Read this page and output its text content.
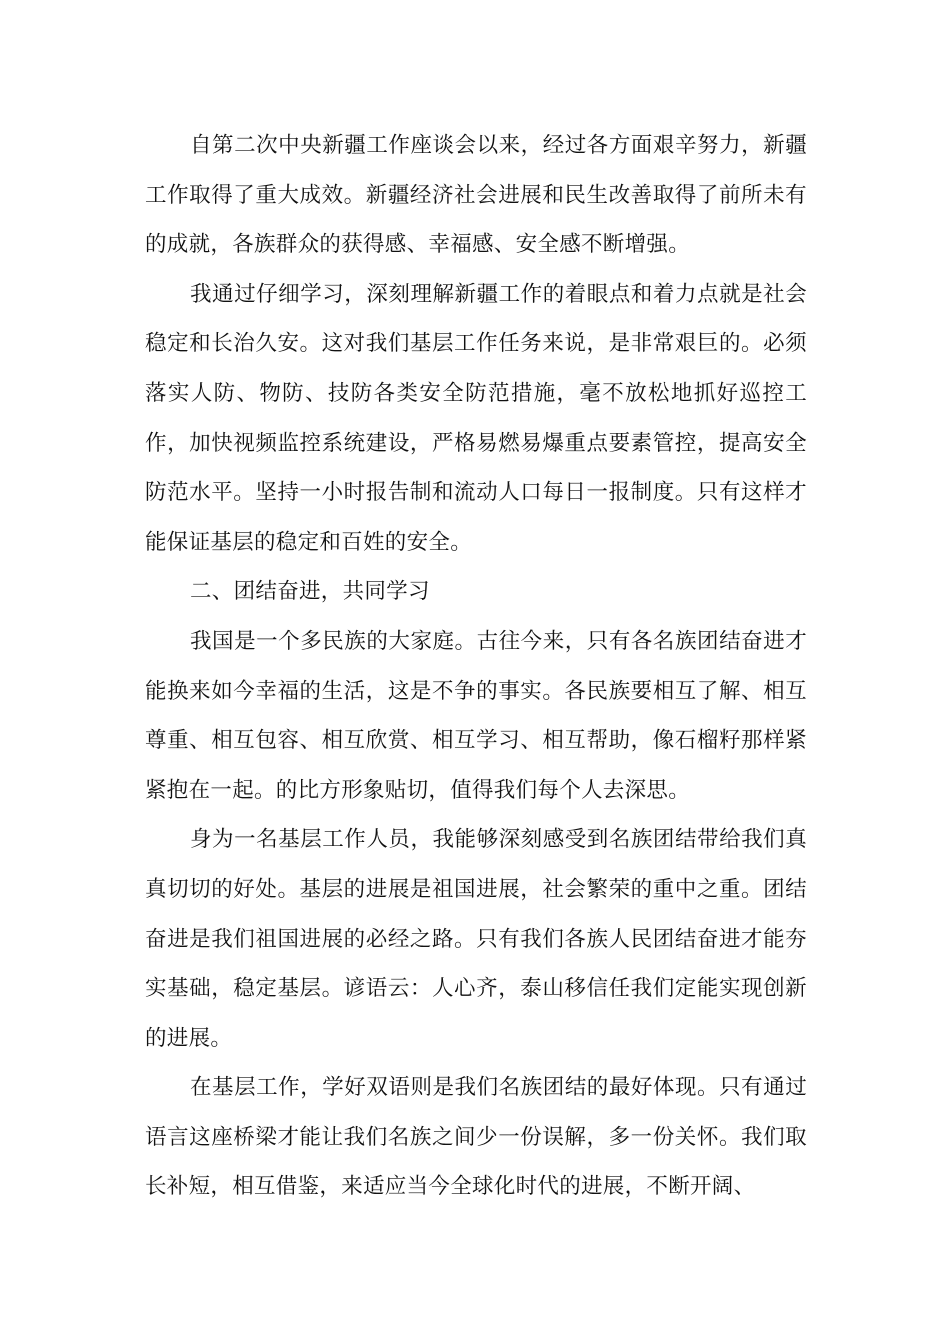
自第二次中央新疆工作座谈会以来，经过各方面艰辛努力，新疆工作取得了重大成效。新疆经济社会进展和民生改善取得了前所未有的成就，各族群众的获得感、幸福感、安全感不断增强。

我通过仔细学习，深刻理解新疆工作的着眼点和着力点就是社会稳定和长治久安。这对我们基层工作任务来说，是非常艰巨的。必须落实人防、物防、技防各类安全防范措施，毫不放松地抓好巡控工作，加快视频监控系统建设，严格易燃易爆重点要素管控，提高安全防范水平。坚持一小时报告制和流动人口每日一报制度。只有这样才能保证基层的稳定和百姓的安全。

二、团结奋进，共同学习

我国是一个多民族的大家庭。古往今来，只有各名族团结奋进才能换来如今幸福的生活，这是不争的事实。各民族要相互了解、相互尊重、相互包容、相互欣赏、相互学习、相互帮助，像石榴籽那样紧紧抱在一起。的比方形象贴切，值得我们每个人去深思。

身为一名基层工作人员，我能够深刻感受到名族团结带给我们真真切切的好处。基层的进展是祖国进展，社会繁荣的重中之重。团结奋进是我们祖国进展的必经之路。只有我们各族人民团结奋进才能夯实基础，稳定基层。谚语云：人心齐，泰山移信任我们定能实现创新的进展。

在基层工作，学好双语则是我们名族团结的最好体现。只有通过语言这座桥梁才能让我们名族之间少一份误解，多一份关怀。我们取长补短，相互借鉴，来适应当今全球化时代的进展，不断开阔、
